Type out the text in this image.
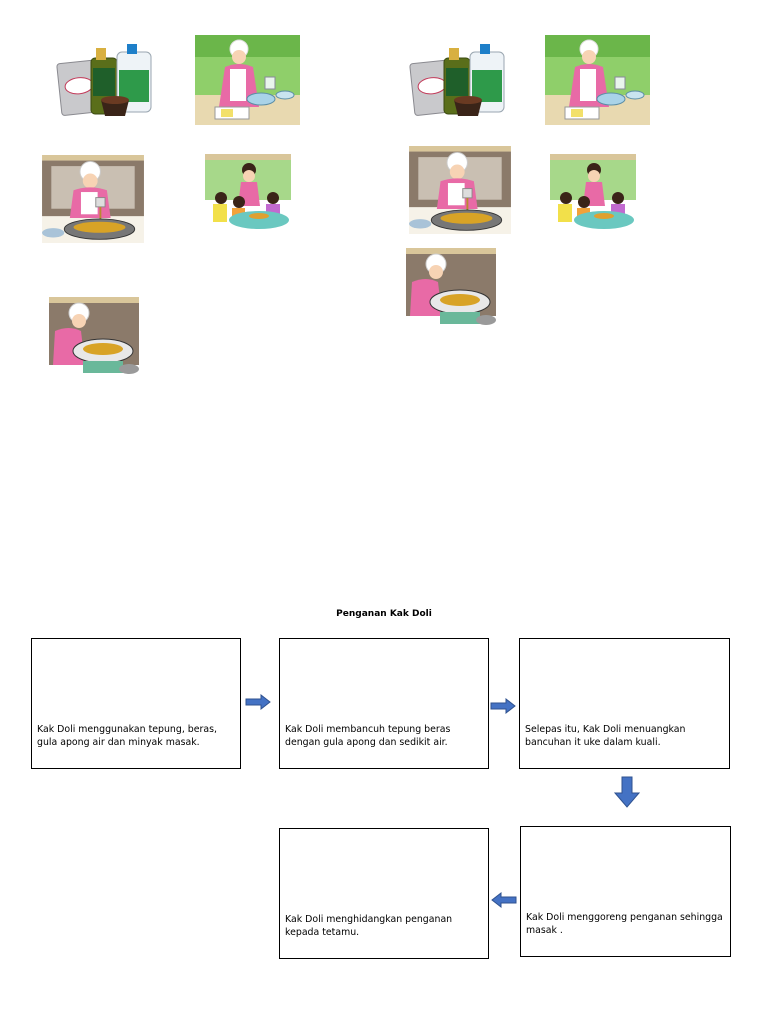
Penganan Kak Doli
Kak Doli menggunakan tepung, beras, gula apong air dan minyak masak.
Kak Doli membancuh tepung beras dengan gula apong dan sedikit air.
Selepas itu, Kak Doli menuangkan bancuhan it uke dalam kuali.
Kak Doli menggoreng penganan sehingga masak .
Kak Doli menghidangkan penganan kepada tetamu.
